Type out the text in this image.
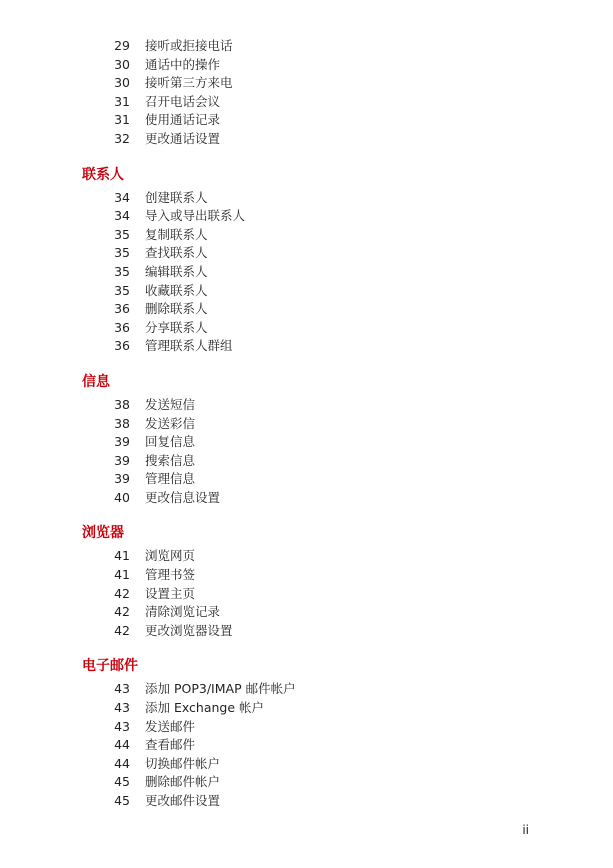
29 接听或拒接电话
30 通话中的操作
30 接听第三方来电
31 召开电话会议
31 使用通话记录
32 更改通话设置
联系人
34 创建联系人
34 导入或导出联系人
35 复制联系人
35 查找联系人
35 编辑联系人
35 收藏联系人
36 删除联系人
36 分享联系人
36 管理联系人群组
信息
38 发送短信
38 发送彩信
39 回复信息
39 搜索信息
39 管理信息
40 更改信息设置
浏览器
41 浏览网页
41 管理书签
42 设置主页
42 清除浏览记录
42 更改浏览器设置
电子邮件
43 添加 POP3/IMAP 邮件帐户
43 添加 Exchange 帐户
43 发送邮件
44 查看邮件
44 切换邮件帐户
45 删除邮件帐户
45 更改邮件设置
ii
